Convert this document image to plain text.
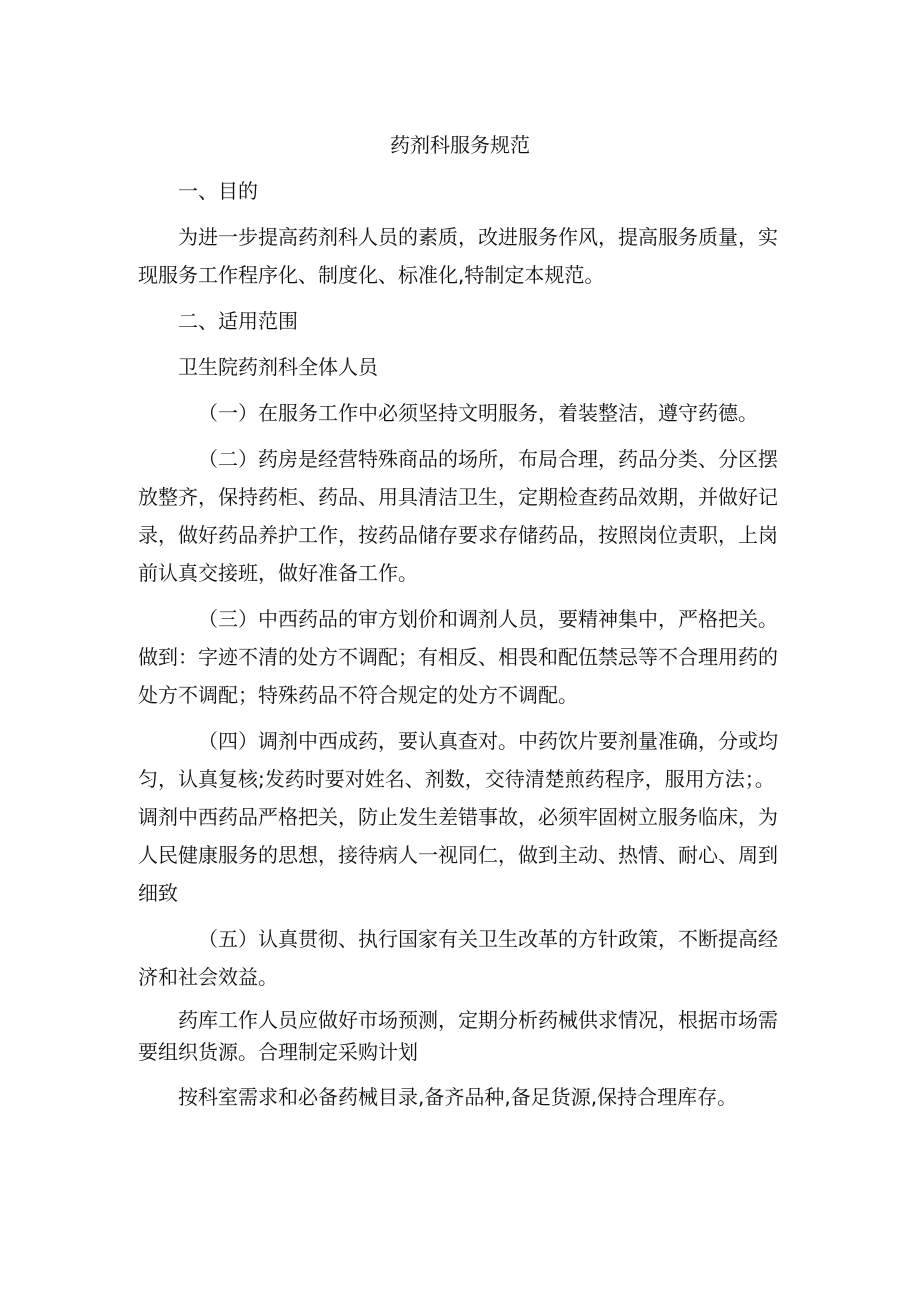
药剂科服务规范

一、目的

为进一步提高药剂科人员的素质，改进服务作风，提高服务质量，实现服务工作程序化、制度化、标准化,特制定本规范。

二、适用范围

卫生院药剂科全体人员

（一）在服务工作中必须坚持文明服务，着装整洁，遵守药德。

（二）药房是经营特殊商品的场所，布局合理，药品分类、分区摆放整齐，保持药柜、药品、用具清洁卫生，定期检查药品效期，并做好记录，做好药品养护工作，按药品储存要求存储药品，按照岗位责职，上岗前认真交接班，做好准备工作。

（三）中西药品的审方划价和调剂人员，要精神集中，严格把关。做到：字迹不清的处方不调配；有相反、相畏和配伍禁忌等不合理用药的处方不调配；特殊药品不符合规定的处方不调配。

（四）调剂中西成药，要认真查对。中药饮片要剂量准确，分或均匀，认真复核;发药时要对姓名、剂数，交待清楚煎药程序，服用方法；。调剂中西药品严格把关，防止发生差错事故，必须牢固树立服务临床，为人民健康服务的思想，接待病人一视同仁，做到主动、热情、耐心、周到细致

（五）认真贯彻、执行国家有关卫生改革的方针政策，不断提高经济和社会效益。

药库工作人员应做好市场预测，定期分析药械供求情况，根据市场需要组织货源。合理制定采购计划

按科室需求和必备药械目录,备齐品种,备足货源,保持合理库存。
